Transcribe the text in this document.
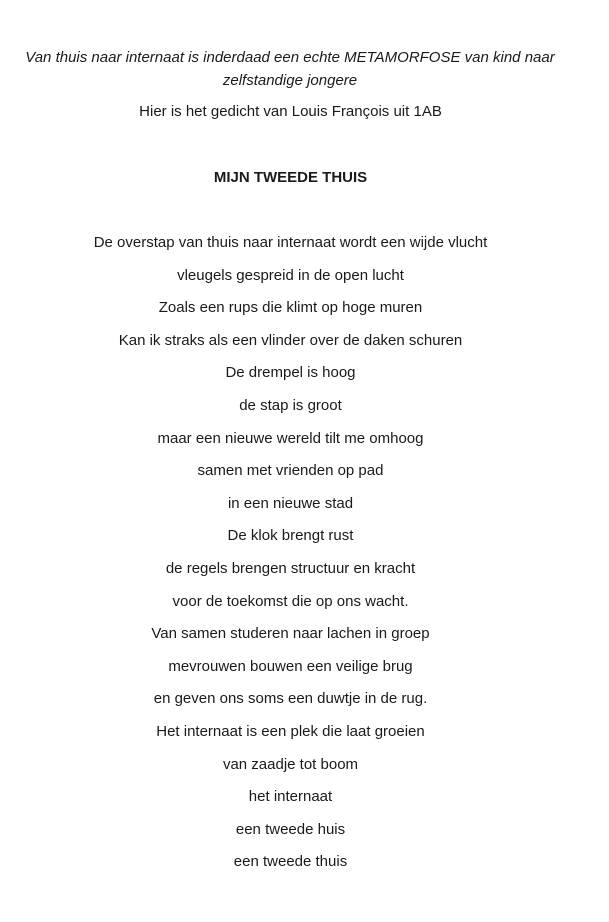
Van thuis naar internaat is inderdaad een echte METAMORFOSE van kind naar zelfstandige jongere

Hier is het gedicht van Louis François uit 1AB

MIJN TWEEDE THUIS

De overstap van thuis naar internaat wordt een wijde vlucht
vleugels gespreid in de open lucht
Zoals een rups die klimt op hoge muren
Kan ik straks als een vlinder over de daken schuren
De drempel is hoog
de stap is groot
maar een nieuwe wereld tilt me omhoog
samen met vrienden op pad
in een nieuwe stad
De klok brengt rust
de regels brengen structuur en kracht
voor de toekomst die op ons wacht.
Van samen studeren naar lachen in groep
mevrouwen bouwen een veilige brug
en geven ons soms een duwtje in de rug.
Het internaat is een plek die laat groeien
van zaadje tot boom
het internaat
een tweede huis
een tweede thuis
